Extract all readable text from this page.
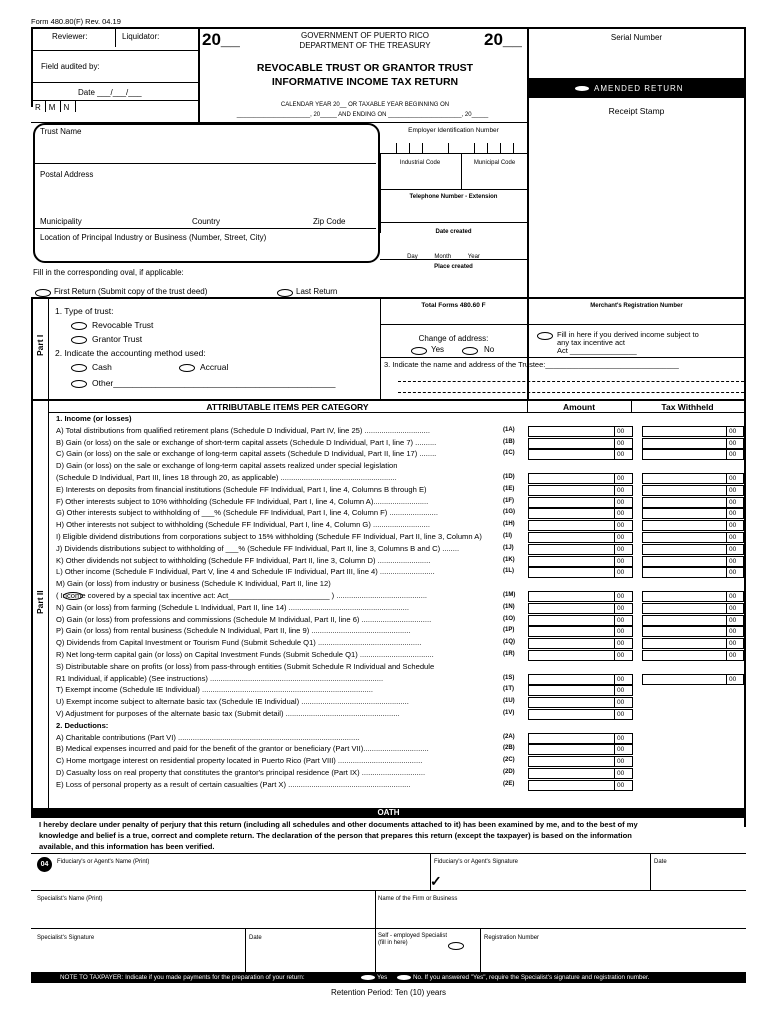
Form 480.80(F) Rev. 04.19
Reviewer:	Liquidator:
Field audited by:
Date ___/___/___
RMN
20__	20__
GOVERNMENT OF PUERTO RICO
DEPARTMENT OF THE TREASURY
REVOCABLE TRUST OR GRANTOR TRUST
INFORMATIVE INCOME TAX RETURN
CALENDAR YEAR 20__ OR TAXABLE YEAR BEGINNING ON
______________________, 20_____ AND ENDING ON ______________________, 20_____
Serial Number
AMENDED RETURN
Receipt Stamp
Trust Name
Postal Address
Municipality	Country	Zip Code
Location of Principal Industry or Business (Number, Street, City)
Employer Identification Number
Industrial Code	Municipal Code
Telephone Number - Extension
Date created
Day_____Month_____Year______
Place created
Fill in the corresponding oval, if applicable:
First Return (Submit copy of the trust deed)	Last Return
Total Forms 480.60 F	Merchant's Registration Number
Part I
1. Type of trust:
Revocable Trust
Grantor Trust
2. Indicate the accounting method used:
Cash	Accrual
Other_______________________________________________
Change of address:
Yes	No
Fill in here if you derived income subject to
any tax incentive act
Act ________________
3. Indicate the name and address of the Trustee:________________________________
Part II
ATTRIBUTABLE ITEMS PER CATEGORY	Amount	Tax Withheld
1. Income (or losses)
A) Total distributions from qualified retirement plans (Schedule D Individual, Part IV, line 25) ...............................	(1A)	00	00
B) Gain (or loss) on the sale or exchange of short-term capital assets (Schedule D Individual, Part I, line 7) ..........	(1B)	00	00
C) Gain (or loss) on the sale or exchange of long-term capital assets (Schedule D Individual, Part II, line 17) ........	(1C)	00	00
D) Gain (or loss) on the sale or exchange of long-term capital assets realized under special legislation
(Schedule D Individual, Part III, lines 18 through 20, as applicable) .......................................................	(1D)	00	00
E) Interests on deposits from financial institutions (Schedule FF Individual, Part I, line 4, Columns B through E)	(1E)	00	00
F) Other interests subject to 10% withholding (Schedule FF Individual, Part I, line 4, Column A)..........................	(1F)	00	00
G) Other interests subject to withholding of ___% (Schedule FF Individual, Part I, line 4, Column F) .......................	(1G)	00	00
H) Other interests not subject to withholding (Schedule FF Individual, Part I, line 4, Column G) ...........................	(1H)	00	00
I) Eligible dividend distributions from corporations subject to 15% withholding (Schedule FF Individual, Part II, line 3, Column A)	(1I)	00	00
J) Dividends distributions subject to withholding of ___% (Schedule FF Individual, Part II, line 3, Columns B and C) ........	(1J)	00	00
K) Other dividends not subject to withholding (Schedule FF Individual, Part II, line 3, Column D) .........................	(1K)	00	00
L) Other income (Schedule F Individual, Part V, line 4 and Schedule IF Individual, Part III, line 4) ..........................	(1L)	00	00
M) Gain (or loss) from industry or business (Schedule K Individual, Part II, line 12)
( Income covered by a special tax incentive act: Act________________________ ) ...........................................	(1M)	00	00
N) Gain (or loss) from farming (Schedule L Individual, Part II, line 14) .........................................................	(1N)	00	00
O) Gain (or loss) from professions and commissions (Schedule M Individual, Part II, line 6) .................................	(1O)	00	00
P) Gain (or loss) from rental business (Schedule N Individual, Part II, line 9) ...............................................	(1P)	00	00
Q) Dividends from Capital Investment or Tourism Fund (Submit Schedule Q1) .................................................	(1Q)	00	00
R) Net long-term capital gain (or loss) on Capital Investment Funds (Submit Schedule Q1) ...................................	(1R)	00	00
S) Distributable share on profits (or loss) from pass-through entities (Submit Schedule R Individual and Schedule
R1 Individual, if applicable) (See instructions) ..................................................................................	(1S)	00	00
T) Exempt income (Schedule IE Individual) .................................................................................	(1T)	00
U) Exempt income subject to alternate basic tax (Schedule IE Individual) ...................................................	(1U)	00
V) Adjustment for purposes of the alternate basic tax (Submit detail) ......................................................	(1V)	00
2. Deductions:
A) Charitable contributions (Part VI) ......................................................................................	(2A)	00
B) Medical expenses incurred and paid for the benefit of the grantor or beneficiary (Part VII)...............................	(2B)	00
C) Home mortgage interest on residential property located in Puerto Rico (Part VIII) ........................................	(2C)	00
D) Casualty loss on real property that constitutes the grantor's principal residence (Part IX) ..............................	(2D)	00
E) Loss of personal property as a result of certain casualties (Part X) ..........................................................	(2E)	00
OATH
I hereby declare under penalty of perjury that this return (including all schedules and other documents attached to it) has been examined by me, and to the best of my
knowledge and belief is a true, correct and complete return. The declaration of the person that prepares this return (except the taxpayer) is based on the information
available, and this information has been verified.
04	Fiduciary's or Agent's Name (Print)	Fiduciary's or Agent's Signature
✓
Date
Specialist's Name (Print)	Name of the Firm or Business
Specialist's Signature	Date	Self - employed Specialist
(fill in here)
Registration Number
NOTE TO TAXPAYER: Indicate if you made payments for the preparation of your return:	Yes	No. If you answered "Yes", require the Specialist's signature and registration number.
Retention Period: Ten (10) years
